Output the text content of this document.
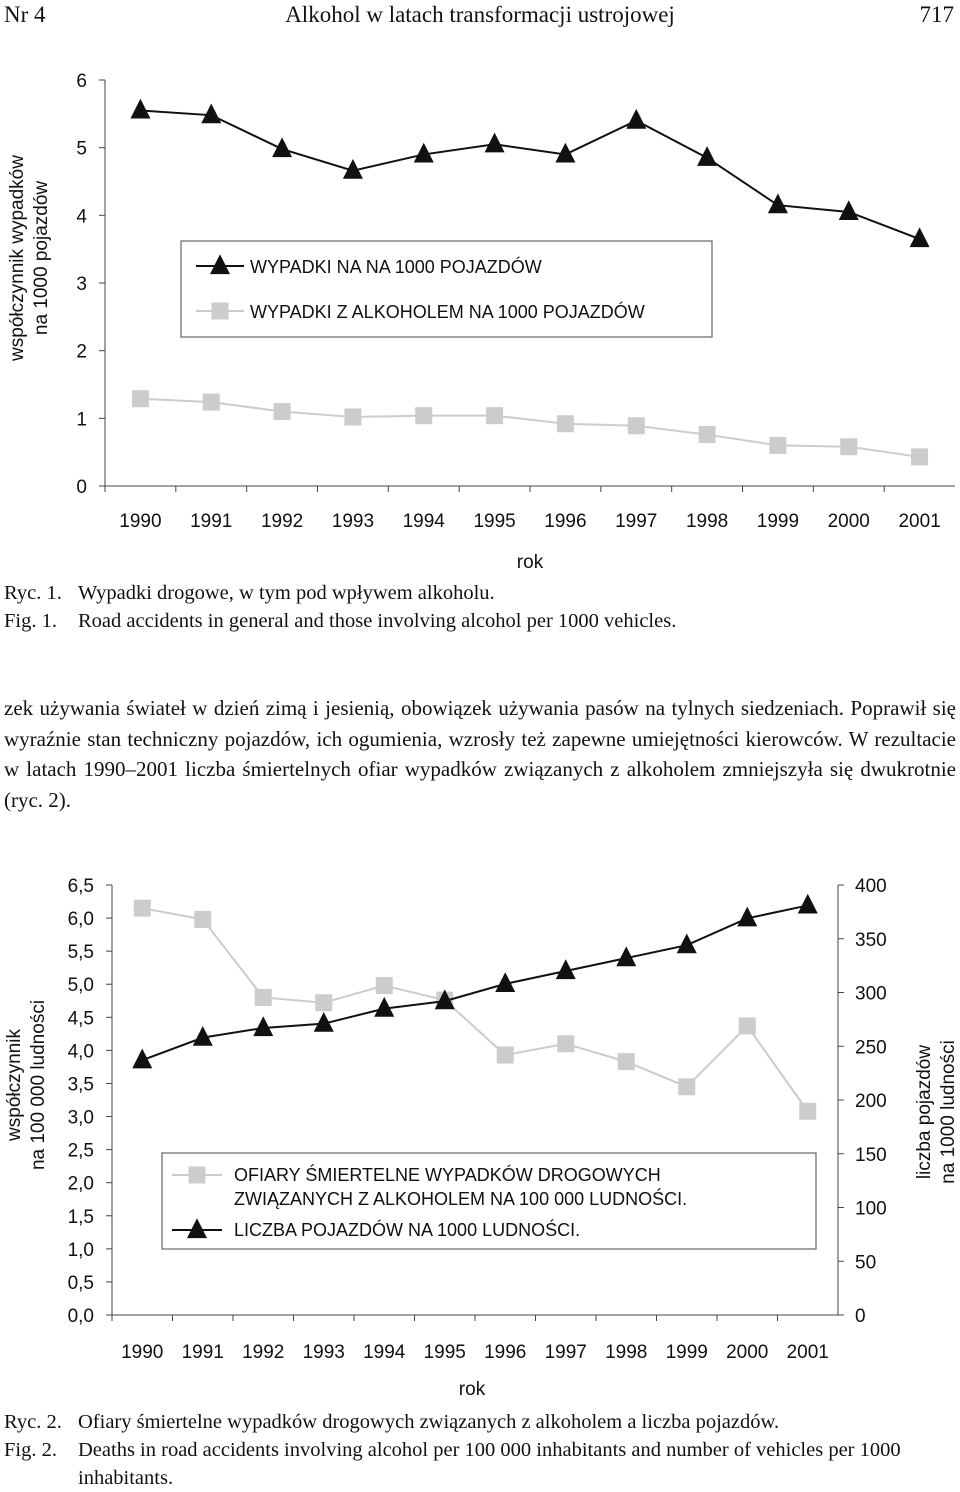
Nr 4	Alkohol w latach transformacji ustrojowej	717
0
1
2
3
4
5
6
1990 1991 1992 1993 1994 1995 1996 1997 1998 1999 2000 2001
rok
współczynnik wypadków na 1000 pojazdów	WYPADKI NA NA 1000 POJAZDÓW
WYPADKI Z ALKOHOLEM NA 1000 POJAZDÓW
Ryc. 1. Wypadki drogowe, w tym pod wpływem alkoholu.
Fig. 1.	Road accidents in general and those involving alcohol per 1000 vehicles.
zek używania świateł w dzień zimą i jesienią, obowiązek używania pasów na tylnych siedzeniach. Poprawił się wyraźnie stan techniczny pojazdów, ich ogumienia, wzrosły też zapewne umiejętności kierowców. W rezultacie w latach 1990–2001 liczba śmiertelnych ofiar wypadków związanych z alkoholem zmniejszyła się dwukrotnie (ryc. 2).
0,0
0,5
1,0
1,5
2,0
2,5
3,0
3,5
4,0
4,5
5,0
5,5
6,0
6,5
0
50
100
150
200
250
300
350
400
1990 1991 1992 1993 1994 1995 1996 1997 1998 1999 2000 2001
rok
współczynnik na 100 000 ludności	liczba pojazdów na 1000 ludności
OFIARY ŚMIERTELNE WYPADKÓW DROGOWYCH
ZWIĄZANYCH Z ALKOHOLEM NA 100 000 LUDNOŚCI.
LICZBA POJAZDÓW NA 1000 LUDNOŚCI.
Ryc. 2. Ofiary śmiertelne wypadków drogowych związanych z alkoholem a liczba pojazdów.
Fig. 2.	Deaths in road accidents involving alcohol per 100 000 inhabitants and number of vehicles per 1000 inhabitants.
